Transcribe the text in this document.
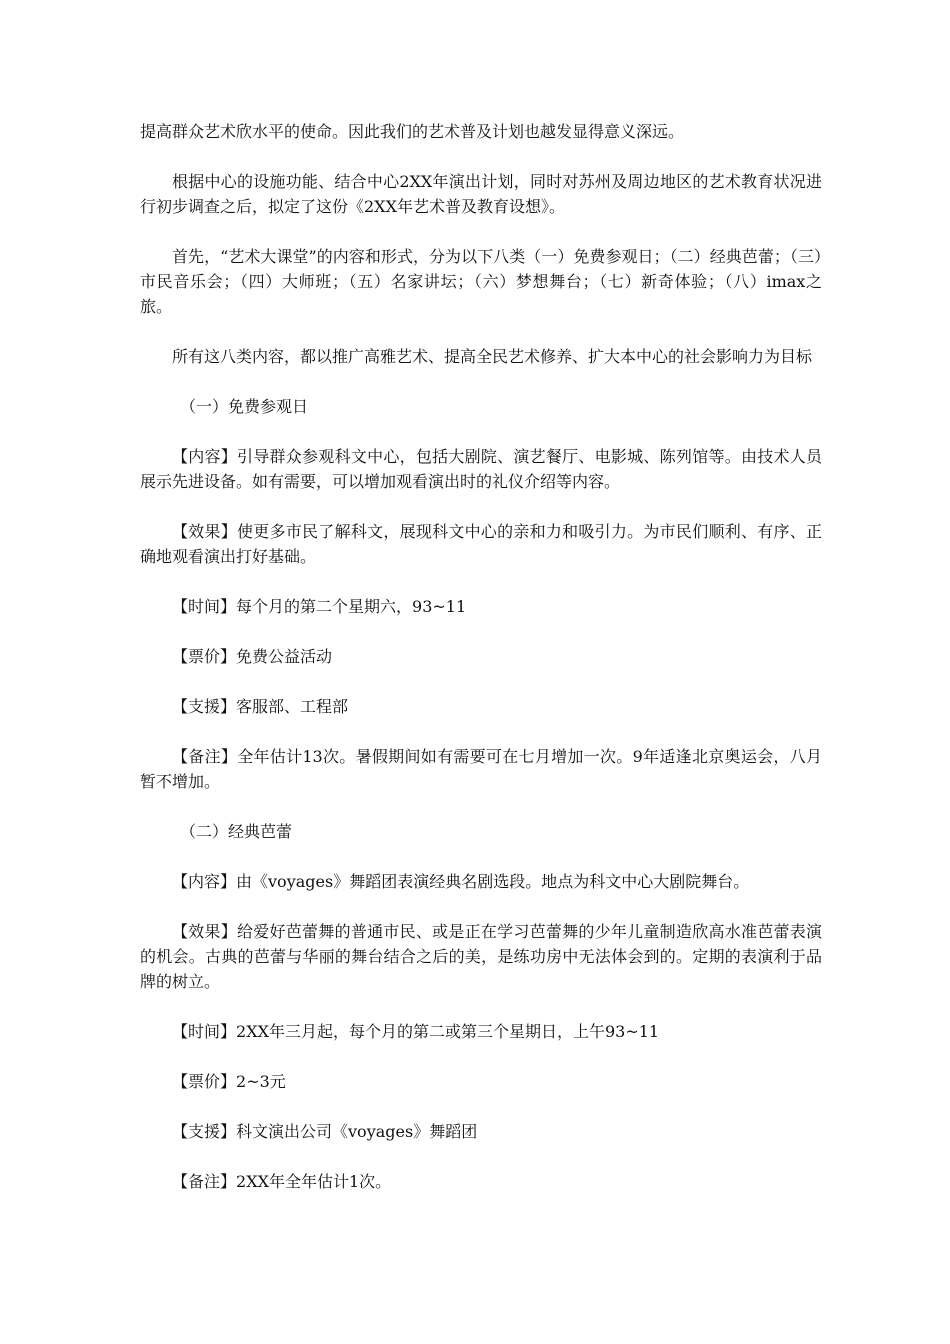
提高群众艺术欣水平的使命。因此我们的艺术普及计划也越发显得意义深远。

根据中心的设施功能、结合中心2XX年演出计划，同时对苏州及周边地区的艺术教育状况进行初步调查之后，拟定了这份《2XX年艺术普及教育设想》。

首先，“艺术大课堂”的内容和形式，分为以下八类（一）免费参观日；（二）经典芭蕾；（三）市民音乐会；（四）大师班；（五）名家讲坛；（六）梦想舞台；（七）新奇体验；（八）imax之旅。

所有这八类内容，都以推广高雅艺术、提高全民艺术修养、扩大本中心的社会影响力为目标

（一）免费参观日

【内容】引导群众参观科文中心，包括大剧院、演艺餐厅、电影城、陈列馆等。由技术人员展示先进设备。如有需要，可以增加观看演出时的礼仪介绍等内容。

【效果】使更多市民了解科文，展现科文中心的亲和力和吸引力。为市民们顺利、有序、正确地观看演出打好基础。

【时间】每个月的第二个星期六，93~11

【票价】免费公益活动

【支援】客服部、工程部

【备注】全年估计13次。暑假期间如有需要可在七月增加一次。9年适逢北京奥运会，八月暂不增加。

（二）经典芭蕾

【内容】由《voyages》舞蹈团表演经典名剧选段。地点为科文中心大剧院舞台。

【效果】给爱好芭蕾舞的普通市民、或是正在学习芭蕾舞的少年儿童制造欣高水准芭蕾表演的机会。古典的芭蕾与华丽的舞台结合之后的美，是练功房中无法体会到的。定期的表演利于品牌的树立。

【时间】2XX年三月起，每个月的第二或第三个星期日，上午93~11

【票价】2~3元

【支援】科文演出公司《voyages》舞蹈团

【备注】2XX年全年估计1次。
